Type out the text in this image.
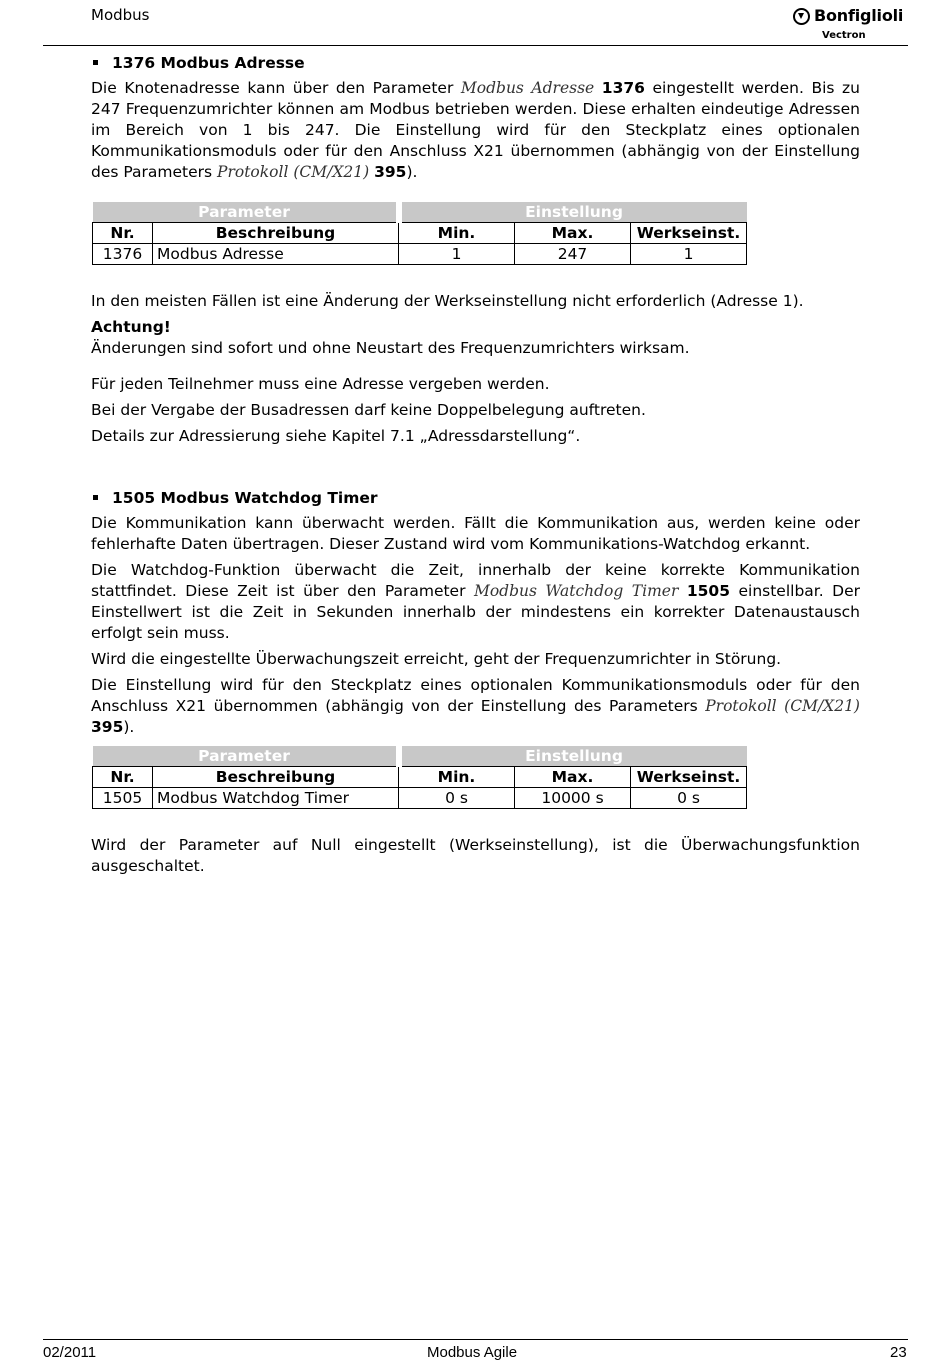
Modbus	Bonfiglioli
Vectron
1376 Modbus Adresse

Die Knotenadresse kann über den Parameter Modbus Adresse 1376 eingestellt werden. Bis zu 247 Frequenzumrichter können am Modbus betrieben werden. Diese erhalten eindeutige Adressen im Bereich von 1 bis 247. Die Einstellung wird für den Steckplatz eines optionalen Kommunikationsmoduls oder für den Anschluss X21 übernommen (abhängig von der Einstellung des Parameters Protokoll (CM/X21) 395).

Parameter		Einstellung		
Nr.	Beschreibung	Min.	Max.	Werkseinst.
1376	Modbus Adresse	1	247	1

In den meisten Fällen ist eine Änderung der Werkseinstellung nicht erforderlich (Adresse 1).

Achtung!

Änderungen sind sofort und ohne Neustart des Frequenzumrichters wirksam.

Für jeden Teilnehmer muss eine Adresse vergeben werden.

Bei der Vergabe der Busadressen darf keine Doppelbelegung auftreten.

Details zur Adressierung siehe Kapitel 7.1 „Adressdarstellung“.

1505 Modbus Watchdog Timer

Die Kommunikation kann überwacht werden. Fällt die Kommunikation aus, werden keine oder fehlerhafte Daten übertragen. Dieser Zustand wird vom Kommunikations-Watchdog erkannt.

Die Watchdog-Funktion überwacht die Zeit, innerhalb der keine korrekte Kommunikation stattfindet. Diese Zeit ist über den Parameter Modbus Watchdog Timer 1505 einstellbar. Der Einstellwert ist die Zeit in Sekunden innerhalb der mindestens ein korrekter Datenaustausch erfolgt sein muss.

Wird die eingestellte Überwachungszeit erreicht, geht der Frequenzumrichter in Störung.

Die Einstellung wird für den Steckplatz eines optionalen Kommunikationsmoduls oder für den Anschluss X21 übernommen (abhängig von der Einstellung des Parameters Protokoll (CM/X21) 395).

Parameter		Einstellung		
Nr.	Beschreibung	Min.	Max.	Werkseinst.
1505	Modbus Watchdog Timer	0 s	10000 s	0 s

Wird der Parameter auf Null eingestellt (Werkseinstellung), ist die Überwachungsfunktion ausgeschaltet.

02/2011	Modbus Agile	23
